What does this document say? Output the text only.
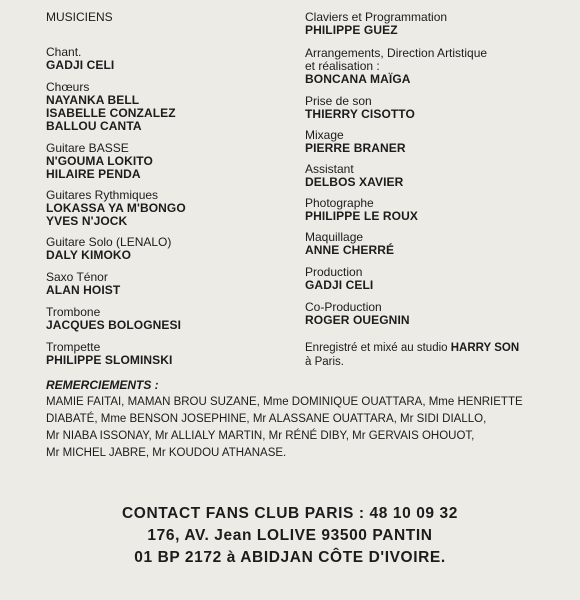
MUSICIENS
Chant.
GADJI CELI
Chœurs
NAYANKA BELL
ISABELLE CONZALEZ
BALLOU CANTA
Guitare BASSE
N'GOUMA LOKITO
HILAIRE PENDA
Guitares Rythmiques
LOKASSA YA M'BONGO
YVES N'JOCK
Guitare Solo (LENALO)
DALY KIMOKO
Saxo Ténor
ALAN HOIST
Trombone
JACQUES BOLOGNESI
Trompette
PHILIPPE SLOMINSKI
Claviers et Programmation
PHILIPPE GUEZ
Arrangements, Direction Artistique
et réalisation :
BONCANA MAÏGA
Prise de son
THIERRY CISOTTO
Mixage
PIERRE BRANER
Assistant
DELBOS XAVIER
Photographe
PHILIPPE LE ROUX
Maquillage
ANNE CHERRÉ
Production
GADJI CELI
Co-Production
ROGER OUEGNIN
Enregistré et mixé au studio HARRY SON
à Paris.
REMERCIEMENTS :
MAMIE FAITAI, MAMAN BROU SUZANE, Mme DOMINIQUE OUATTARA, Mme HENRIETTE
DIABATÉ, Mme BENSON JOSEPHINE, Mr ALASSANE OUATTARA, Mr SIDI DIALLO,
Mr NIABA ISSONAY, Mr ALLIALY MARTIN, Mr RÉNÉ DIBY, Mr GERVAIS OHOUOT,
Mr MICHEL JABRE, Mr KOUDOU ATHANASE.
CONTACT FANS CLUB PARIS : 48 10 09 32
176, AV. Jean LOLIVE 93500 PANTIN
01 BP 2172 à ABIDJAN CÔTE D'IVOIRE.
